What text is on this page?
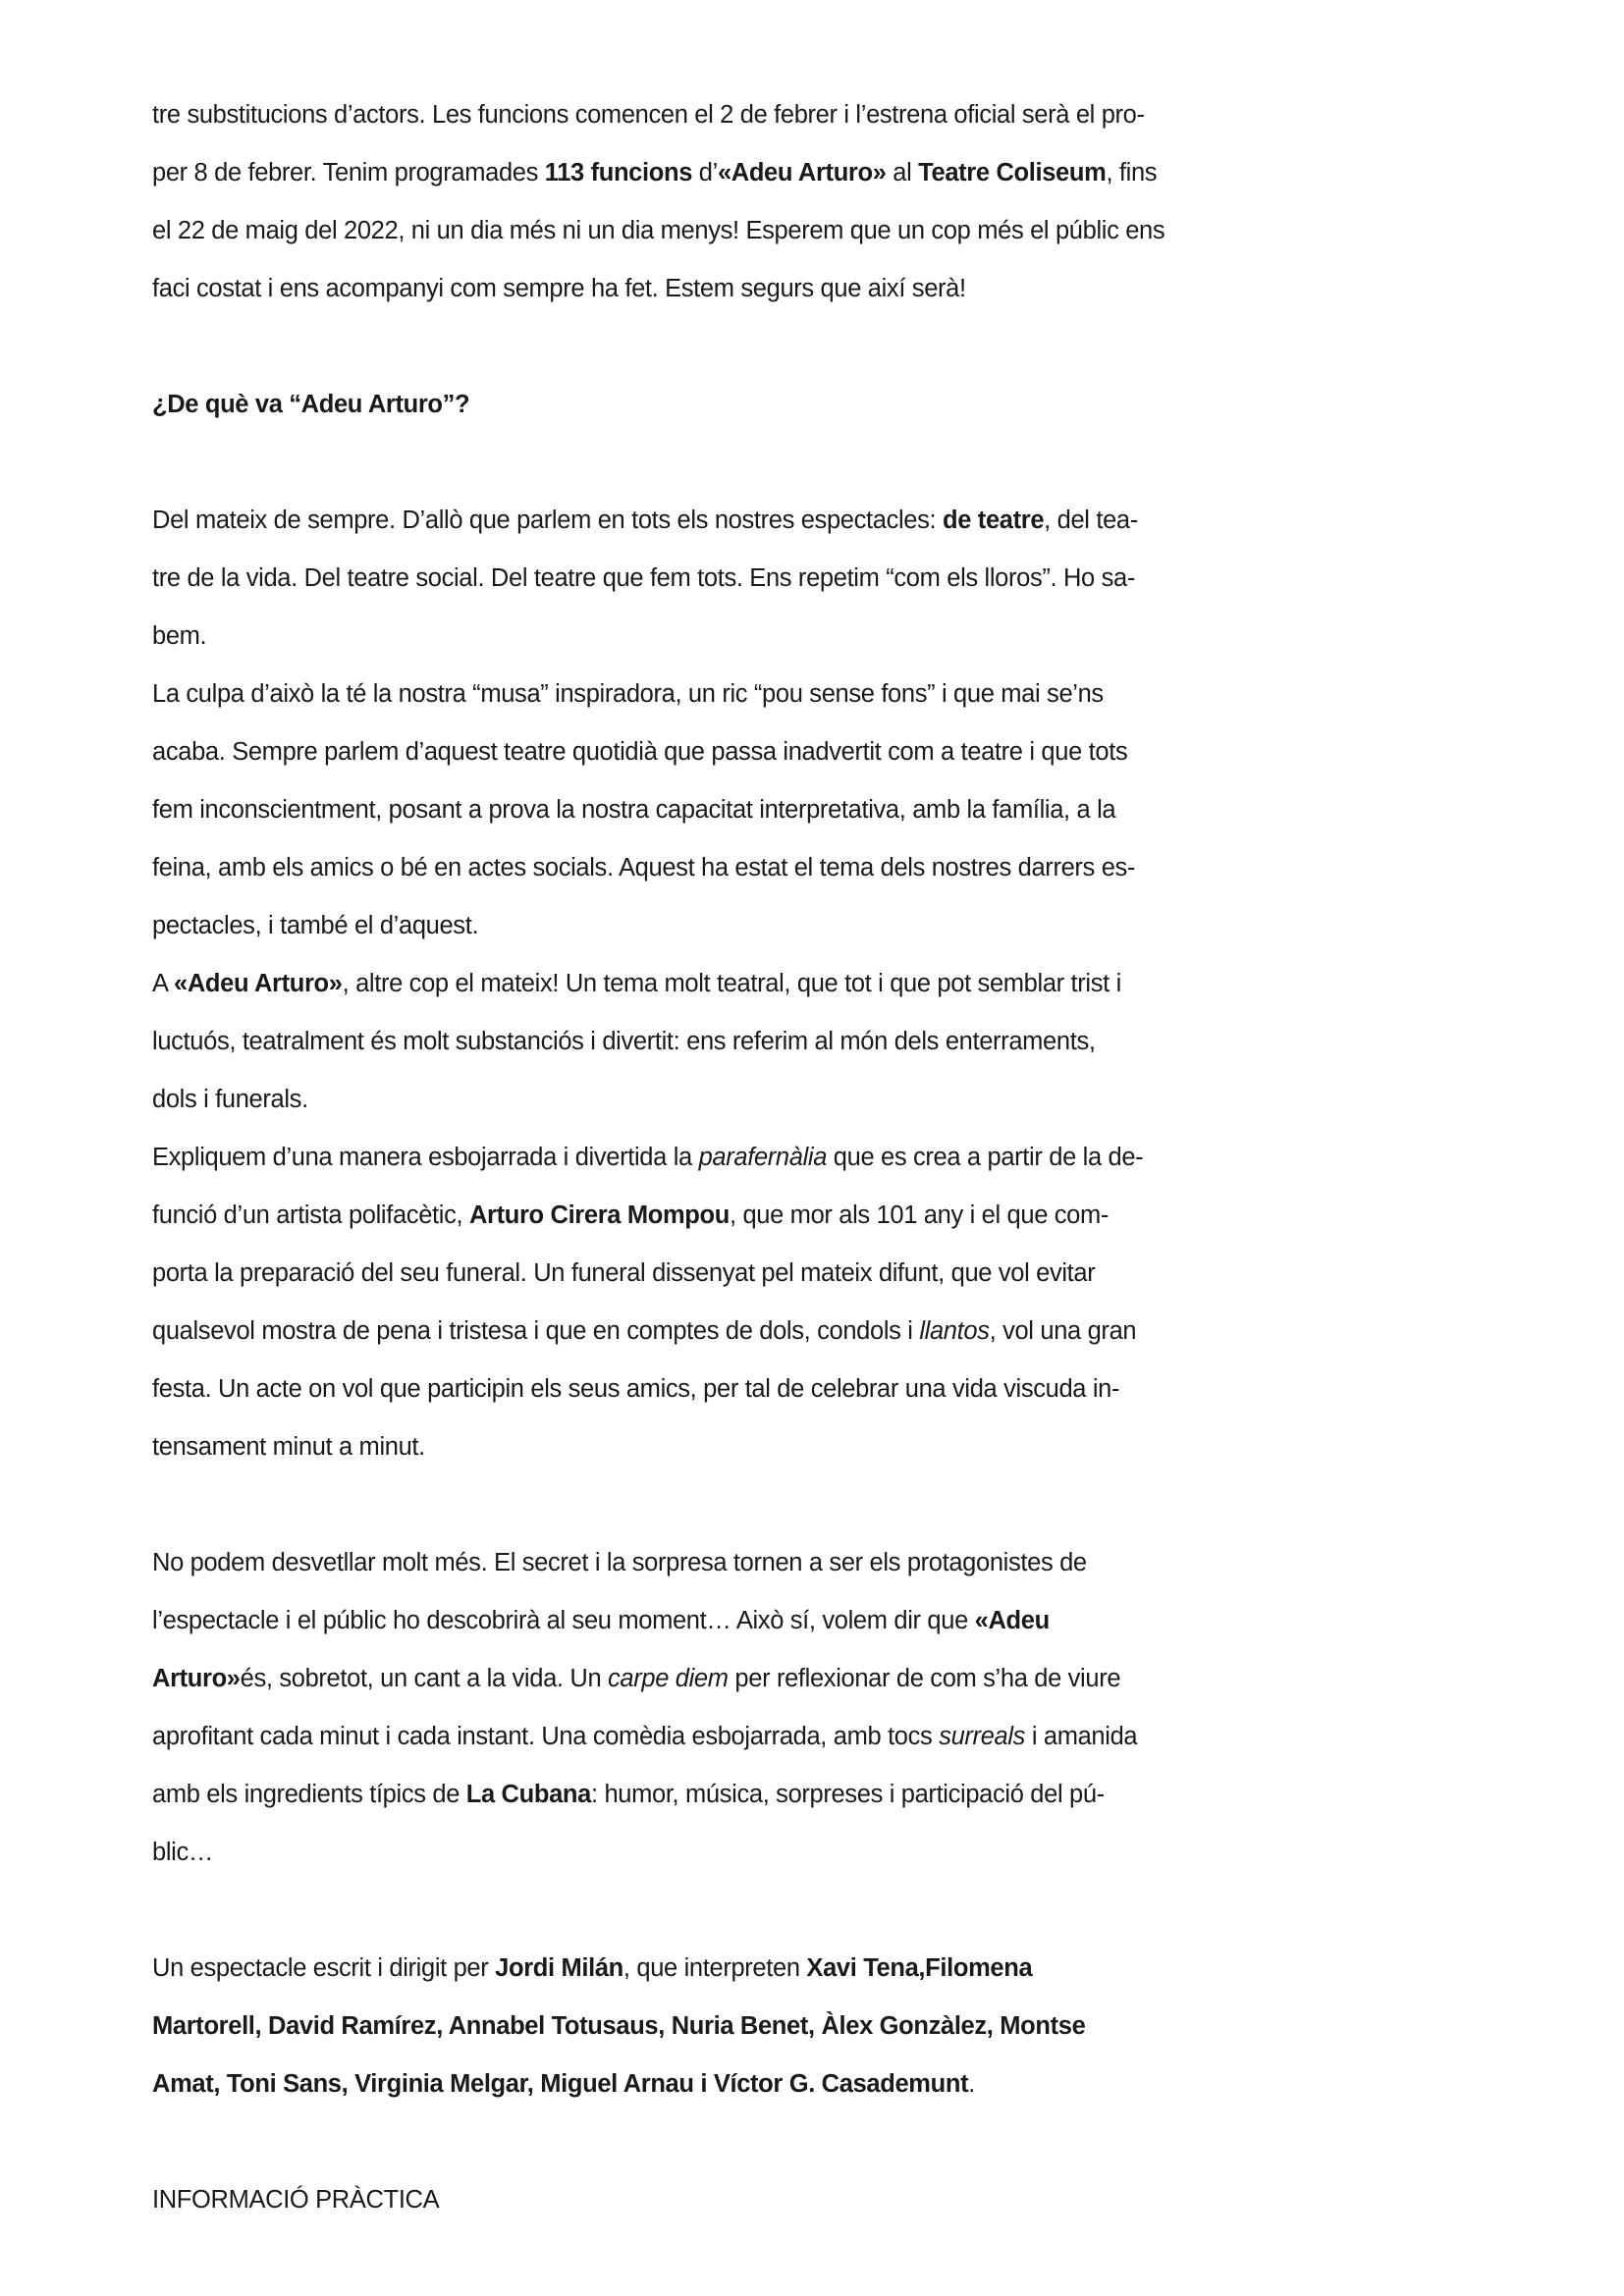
tre substitucions d’actors. Les funcions comencen el 2 de febrer i l’estrena oficial serà el pro-
per 8 de febrer. Tenim programades 113 funcions d’«Adeu Arturo» al Teatre Coliseum, fins
el 22 de maig del 2022, ni un dia més ni un dia menys! Esperem que un cop més el públic ens
faci costat i ens acompanyi com sempre ha fet. Estem segurs que així serà!
¿De què va “Adeu Arturo”?
Del mateix de sempre. D’allò que parlem en tots els nostres espectacles: de teatre, del tea-
tre de la vida. Del teatre social. Del teatre que fem tots. Ens repetim “com els lloros”. Ho sa-
bem.
La culpa d’això la té la nostra “musa” inspiradora, un ric “pou sense fons” i que mai se’ns
acaba. Sempre parlem d’aquest teatre quotidià que passa inadvertit com a teatre i que tots
fem inconscientment, posant a prova la nostra capacitat interpretativa, amb la família, a la
feina, amb els amics o bé en actes socials. Aquest ha estat el tema dels nostres darrers es-
pectacles, i també el d’aquest.
A «Adeu Arturo», altre cop el mateix! Un tema molt teatral, que tot i que pot semblar trist i
luctuós, teatralment és molt substanciós i divertit: ens referim al món dels enterraments,
dols i funerals.
Expliquem d’una manera esbojarrada i divertida la parafernàlia que es crea a partir de la de-
funció d’un artista polifacètic, Arturo Cirera Mompou, que mor als 101 any i el que com-
porta la preparació del seu funeral. Un funeral dissenyat pel mateix difunt, que vol evitar
qualsevol mostra de pena i tristesa i que en comptes de dols, condols i llantos, vol una gran
festa. Un acte on vol que participin els seus amics, per tal de celebrar una vida viscuda in-
tensament minut a minut.
No podem desvetllar molt més. El secret i la sorpresa tornen a ser els protagonistes de
l’espectacle i el públic ho descobrirà al seu moment… Això sí, volem dir que «Adeu
Arturo»és, sobretot, un cant a la vida. Un carpe diem per reflexionar de com s’ha de viure
aprofitant cada minut i cada instant. Una comèdia esbojarrada, amb tocs surreals i amanida
amb els ingredients típics de La Cubana: humor, música, sorpreses i participació del pú-
blic…
Un espectacle escrit i dirigit per Jordi Milán, que interpreten Xavi Tena,Filomena
Martorell, David Ramírez, Annabel Totusaus, Nuria Benet, Àlex Gonzàlez, Montse
Amat, Toni Sans, Virginia Melgar, Miguel Arnau i Víctor G. Casademunt.
INFORMACIÓ PRÀCTICA
